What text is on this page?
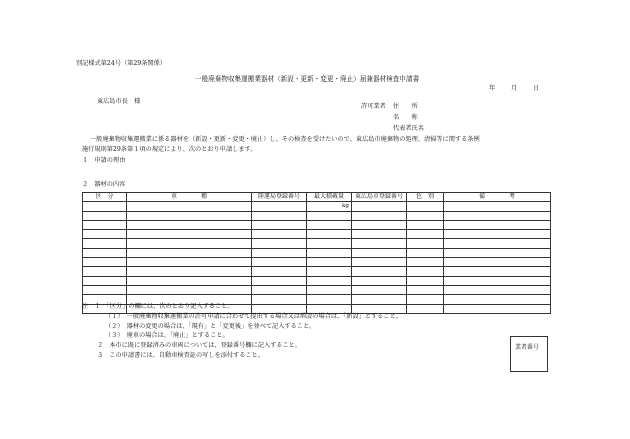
別記様式第24号（第29条関係）
一般廃棄物収集運搬業器材（新設・更新・変更・廃止）届兼器材検査申請書
年	月	日
東広島市長　様
許可業者 住　　所
名　　称
代表者氏名
一般廃棄物収集運搬業に係る器材を（新設・更新・変更・廃止）し、その検査を受けたいので、東広島市廃棄物の処理、清掃等に関する条例
施行規則第29条第１項の規定により、次のとおり申請します。
１　申請の理由
２　器材の内容
区　分	車　　　　種	陸運局登録番号	最大積載量	東広島市登録番号	色　別	備　　　　考

			kg			

注　１　「区分」の欄には、次のとおり記入すること。
（１）　一般廃棄物収集運搬業の許可申請に合わせて提出する場合又は増設の場合は、「新設」とすること。
（２）　器材の変更の場合は、「現有」と「変更後」を並べて記入すること。
（３）　廃車の場合は、「廃止」とすること。
２　本市に既に登録済みの車両については、登録番号欄に記入すること。
３　この申請書には、自動車検査証の写しを添付すること。
業者番号
